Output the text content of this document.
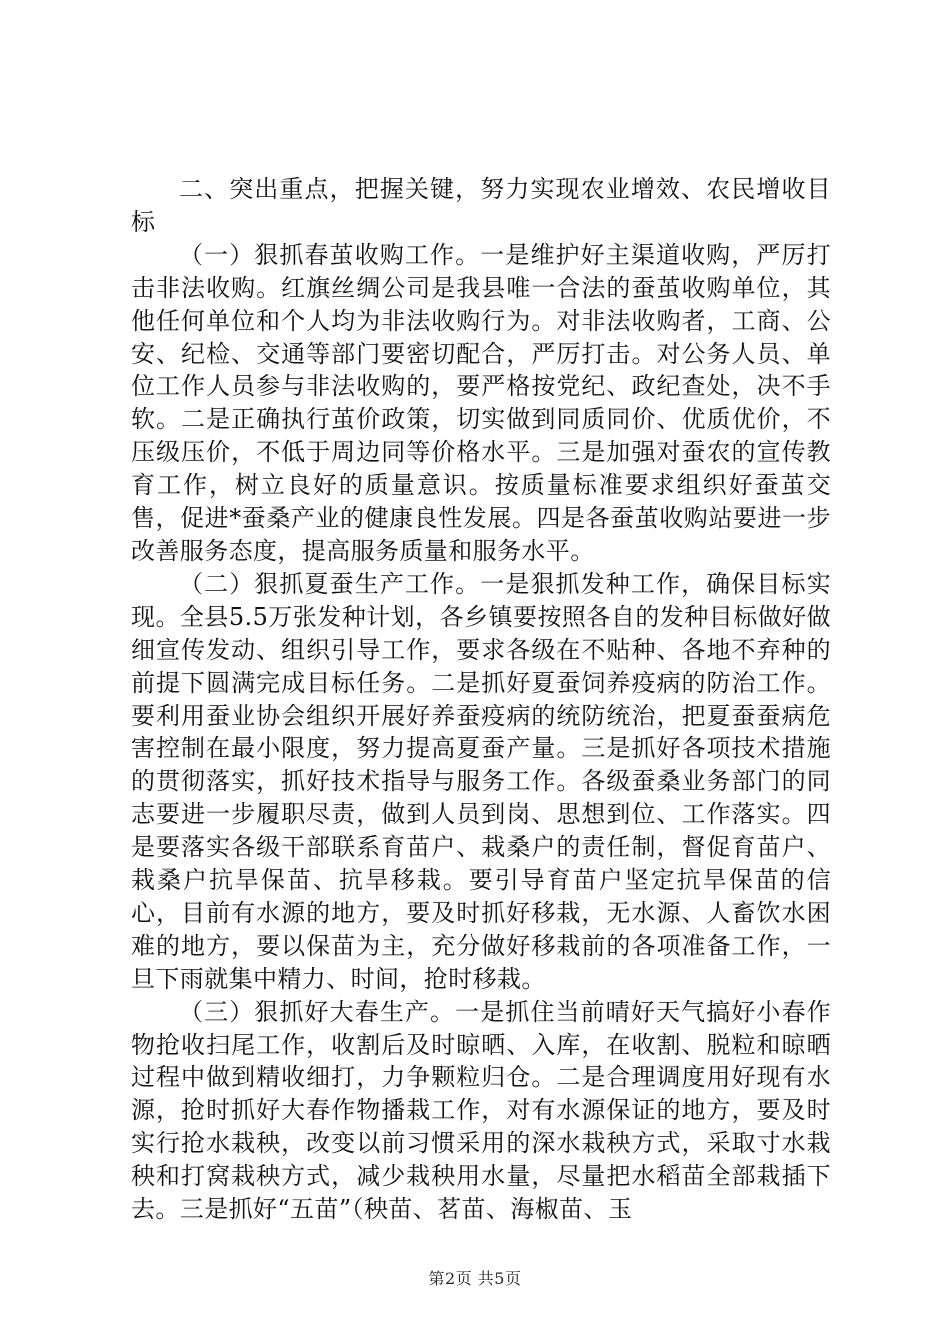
二、突出重点，把握关键，努力实现农业增效、农民增收目标

（一）狠抓春茧收购工作。一是维护好主渠道收购，严厉打击非法收购。红旗丝绸公司是我县唯一合法的蚕茧收购单位，其他任何单位和个人均为非法收购行为。对非法收购者，工商、公安、纪检、交通等部门要密切配合，严厉打击。对公务人员、单位工作人员参与非法收购的，要严格按党纪、政纪查处，决不手软。二是正确执行茧价政策，切实做到同质同价、优质优价，不压级压价，不低于周边同等价格水平。三是加强对蚕农的宣传教育工作，树立良好的质量意识。按质量标准要求组织好蚕茧交售，促进*蚕桑产业的健康良性发展。四是各蚕茧收购站要进一步改善服务态度，提高服务质量和服务水平。

（二）狠抓夏蚕生产工作。一是狠抓发种工作，确保目标实现。全县5.5万张发种计划，各乡镇要按照各自的发种目标做好做细宣传发动、组织引导工作，要求各级在不贴种、各地不弃种的前提下圆满完成目标任务。二是抓好夏蚕饲养疫病的防治工作。要利用蚕业协会组织开展好养蚕疫病的统防统治，把夏蚕蚕病危害控制在最小限度，努力提高夏蚕产量。三是抓好各项技术措施的贯彻落实，抓好技术指导与服务工作。各级蚕桑业务部门的同志要进一步履职尽责，做到人员到岗、思想到位、工作落实。四是要落实各级干部联系育苗户、栽桑户的责任制，督促育苗户、栽桑户抗旱保苗、抗旱移栽。要引导育苗户坚定抗旱保苗的信心，目前有水源的地方，要及时抓好移栽，无水源、人畜饮水困难的地方，要以保苗为主，充分做好移栽前的各项准备工作，一旦下雨就集中精力、时间，抢时移栽。

（三）狠抓好大春生产。一是抓住当前晴好天气搞好小春作物抢收扫尾工作，收割后及时晾晒、入库，在收割、脱粒和晾晒过程中做到精收细打，力争颗粒归仓。二是合理调度用好现有水源，抢时抓好大春作物播栽工作，对有水源保证的地方，要及时实行抢水栽秧，改变以前习惯采用的深水栽秧方式，采取寸水栽秧和打窝栽秧方式，减少栽秧用水量，尽量把水稻苗全部栽插下去。三是抓好“五苗”（秧苗、茗苗、海椒苗、玉

第2页 共5页
